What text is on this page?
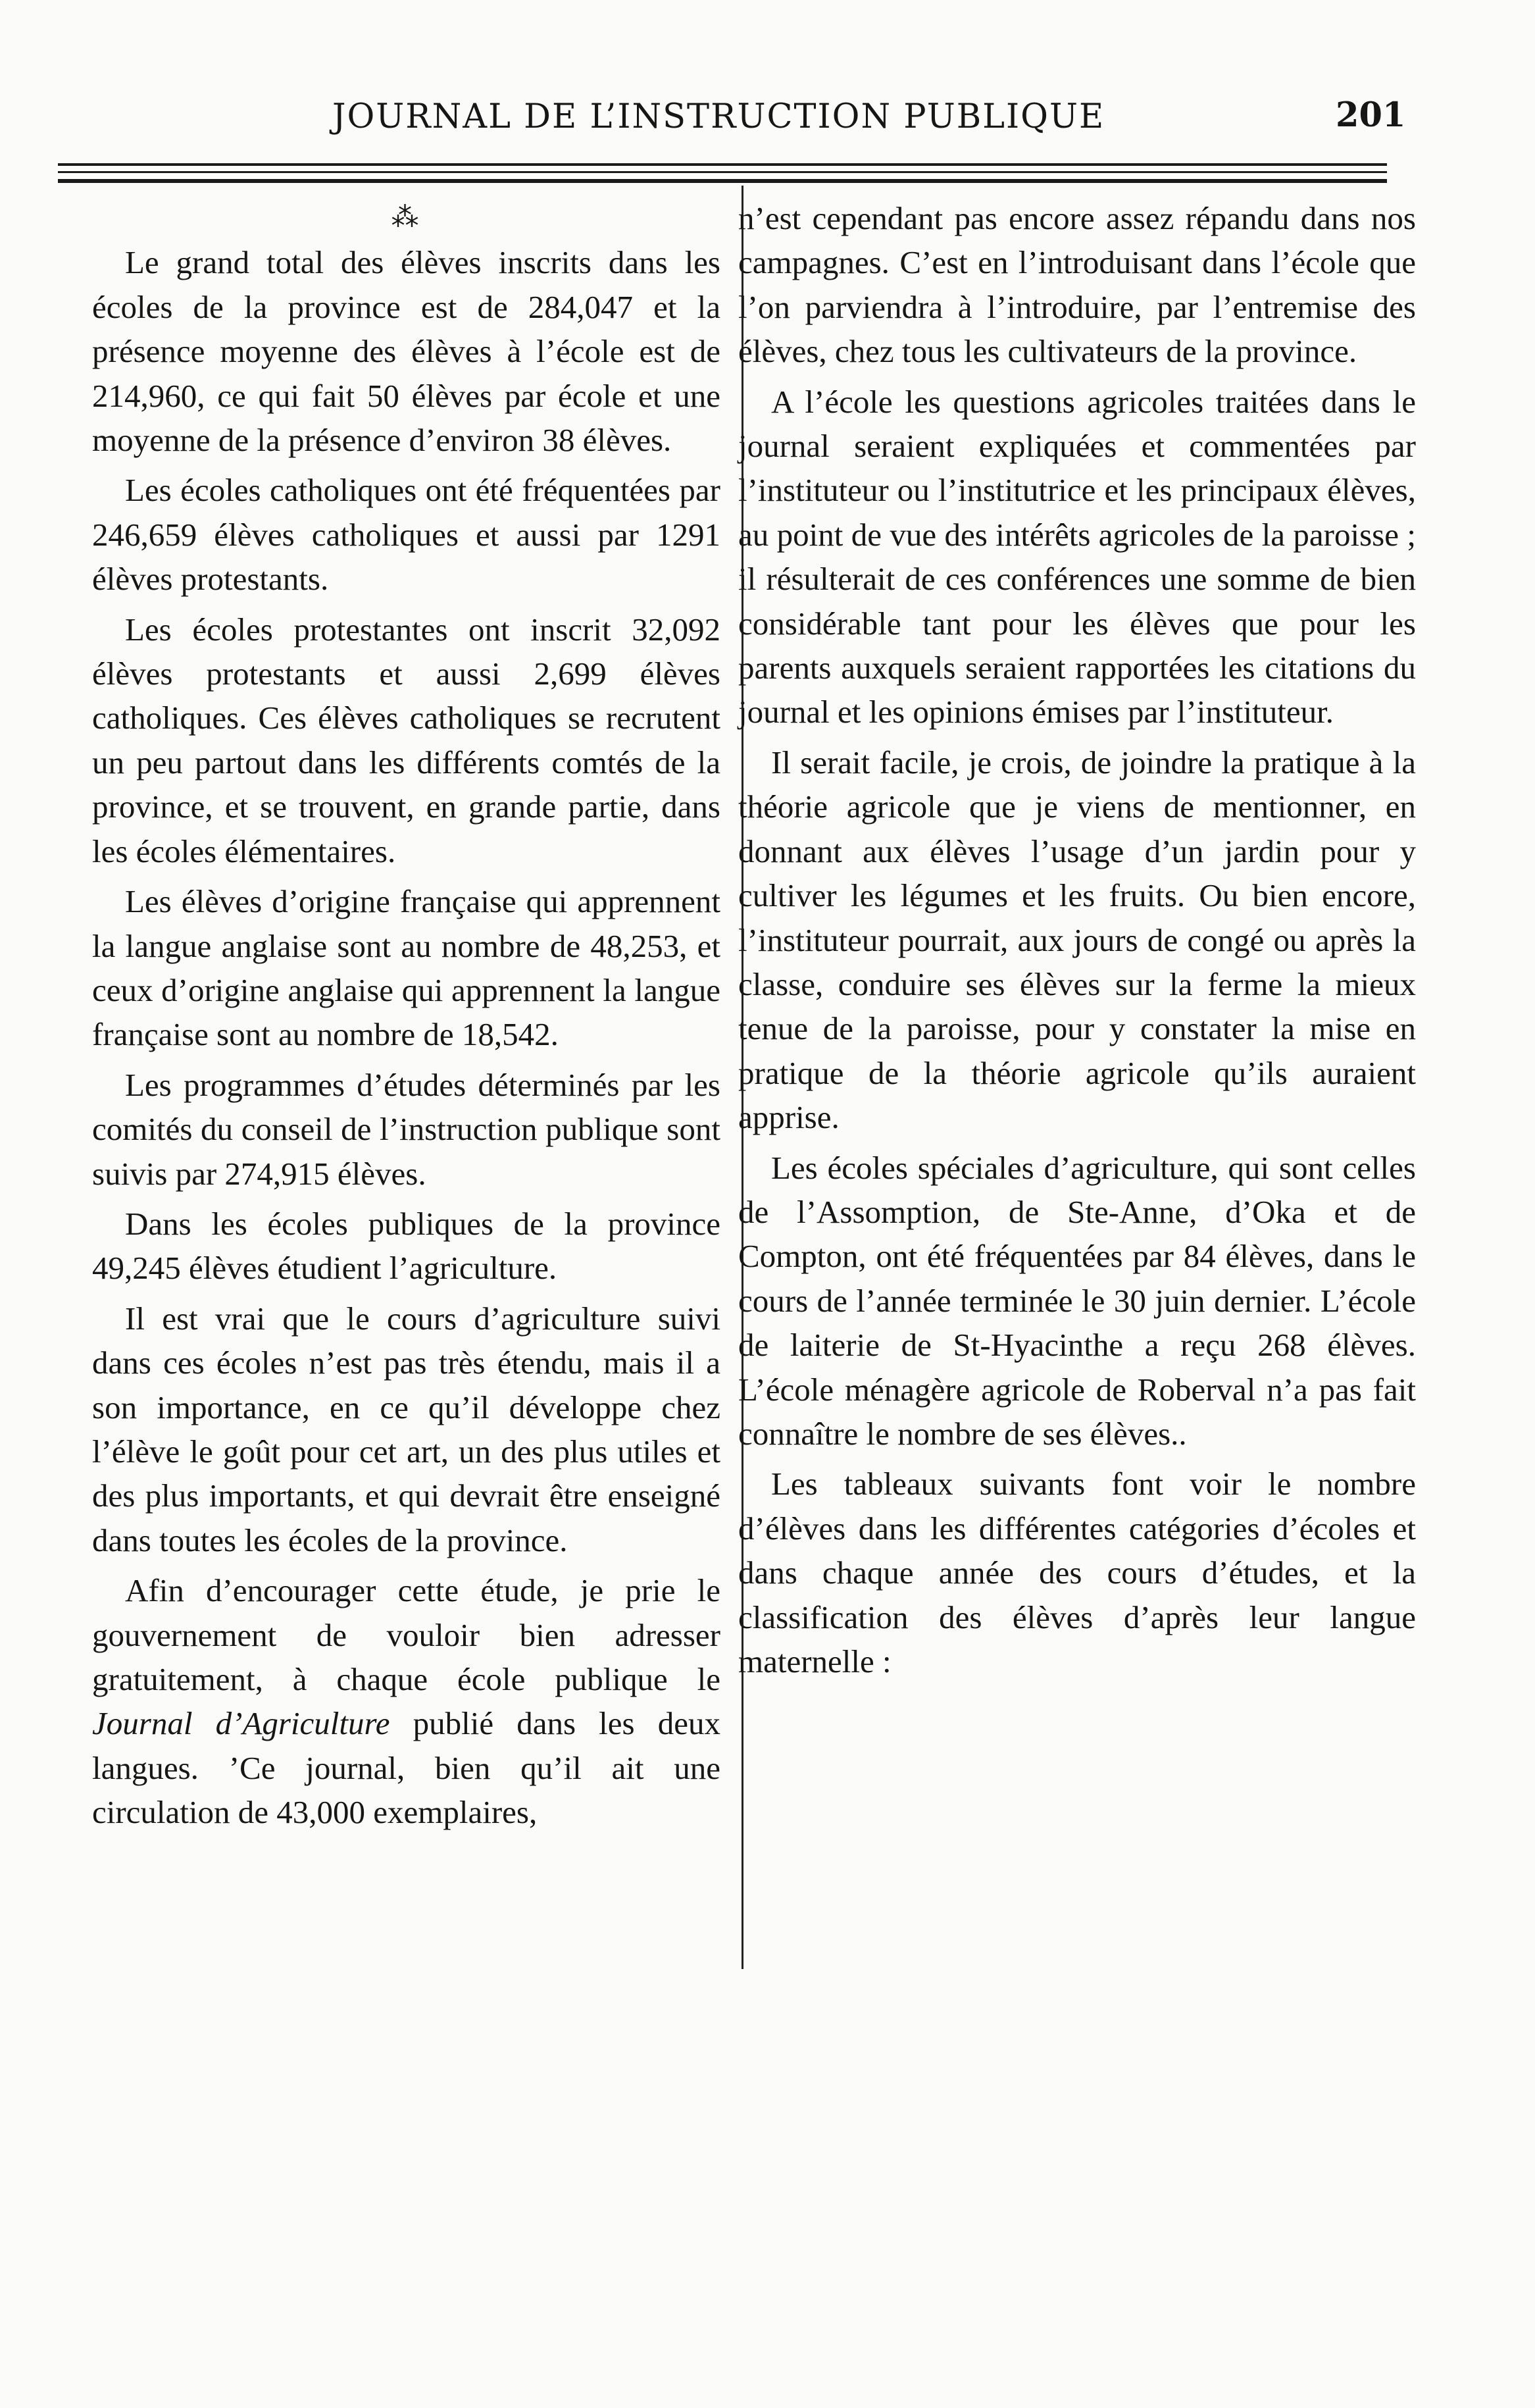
JOURNAL DE L’INSTRUCTION PUBLIQUE	201

⁂

Le grand total des élèves inscrits dans les écoles de la province est de 284,047 et la présence moyenne des élèves à l’école est de 214,960, ce qui fait 50 élèves par école et une moyenne de la présence d’environ 38 élèves.

Les écoles catholiques ont été fréquentées par 246,659 élèves catholiques et aussi par 1291 élèves protestants.

Les écoles protestantes ont inscrit 32,092 élèves protestants et aussi 2,699 élèves catholiques. Ces élèves catholiques se recrutent un peu partout dans les différents comtés de la province, et se trouvent, en grande partie, dans les écoles élémentaires.

Les élèves d’origine française qui apprennent la langue anglaise sont au nombre de 48,253, et ceux d’origine anglaise qui apprennent la langue française sont au nombre de 18,542.

Les programmes d’études déterminés par les comités du conseil de l’instruction publique sont suivis par 274,915 élèves.

Dans les écoles publiques de la province 49,245 élèves étudient l’agriculture.

Il est vrai que le cours d’agriculture suivi dans ces écoles n’est pas très étendu, mais il a son importance, en ce qu’il développe chez l’élève le goût pour cet art, un des plus utiles et des plus importants, et qui devrait être enseigné dans toutes les écoles de la province.

Afin d’encourager cette étude, je prie le gouvernement de vouloir bien adresser gratuitement, à chaque école publique le Journal d’Agriculture publié dans les deux langues. ’Ce journal, bien qu’il ait une circulation de 43,000 exemplaires,

n’est cependant pas encore assez répandu dans nos campagnes. C’est en l’introduisant dans l’école que l’on parviendra à l’introduire, par l’entremise des élèves, chez tous les cultivateurs de la province.

A l’école les questions agricoles traitées dans le journal seraient expliquées et commentées par l’instituteur ou l’institutrice et les principaux élèves, au point de vue des intérêts agricoles de la paroisse ; il résulterait de ces conférences une somme de bien considérable tant pour les élèves que pour les parents auxquels seraient rapportées les citations du journal et les opinions émises par l’instituteur.

Il serait facile, je crois, de joindre la pratique à la théorie agricole que je viens de mentionner, en donnant aux élèves l’usage d’un jardin pour y cultiver les légumes et les fruits. Ou bien encore, l’instituteur pourrait, aux jours de congé ou après la classe, conduire ses élèves sur la ferme la mieux tenue de la paroisse, pour y constater la mise en pratique de la théorie agricole qu’ils auraient apprise.

Les écoles spéciales d’agriculture, qui sont celles de l’Assomption, de Ste-Anne, d’Oka et de Compton, ont été fréquentées par 84 élèves, dans le cours de l’année terminée le 30 juin dernier. L’école de laiterie de St-Hyacinthe a reçu 268 élèves. L’école ménagère agricole de Roberval n’a pas fait connaître le nombre de ses élèves..

Les tableaux suivants font voir le nombre d’élèves dans les différentes catégories d’écoles et dans chaque année des cours d’études, et la classification des élèves d’après leur langue maternelle :
